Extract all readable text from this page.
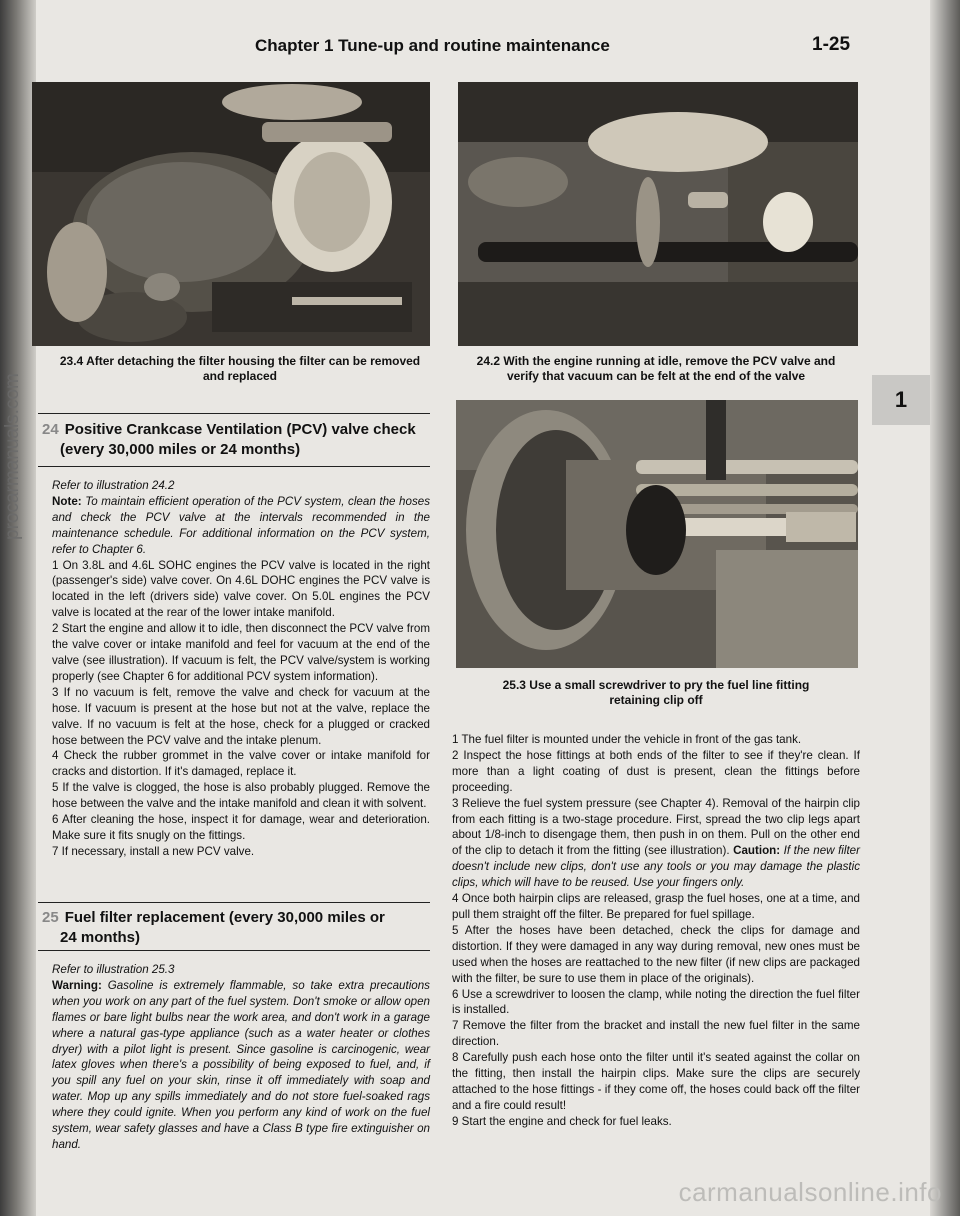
Chapter 1 Tune-up and routine maintenance	1-25
1
23.4 After detaching the filter housing the filter can be removed
and replaced
24.2 With the engine running at idle, remove the PCV valve and
verify that vacuum can be felt at the end of the valve
25.3 Use a small screwdriver to pry the fuel line fitting
retaining clip off
24 Positive Crankcase Ventilation (PCV) valve check
(every 30,000 miles or 24 months)

Refer to illustration 24.2

Note: To maintain efficient operation of the PCV system, clean the hoses and check the PCV valve at the intervals recommended in the maintenance schedule. For additional information on the PCV system, refer to Chapter 6.

1 On 3.8L and 4.6L SOHC engines the PCV valve is located in the right (passenger's side) valve cover. On 4.6L DOHC engines the PCV valve is located in the left (drivers side) valve cover. On 5.0L engines the PCV valve is located at the rear of the lower intake manifold.

2 Start the engine and allow it to idle, then disconnect the PCV valve from the valve cover or intake manifold and feel for vacuum at the end of the valve (see illustration). If vacuum is felt, the PCV valve/system is working properly (see Chapter 6 for additional PCV system information).

3 If no vacuum is felt, remove the valve and check for vacuum at the hose. If vacuum is present at the hose but not at the valve, replace the valve. If no vacuum is felt at the hose, check for a plugged or cracked hose between the PCV valve and the intake plenum.

4 Check the rubber grommet in the valve cover or intake manifold for cracks and distortion. If it's damaged, replace it.

5 If the valve is clogged, the hose is also probably plugged. Remove the hose between the valve and the intake manifold and clean it with solvent.

6 After cleaning the hose, inspect it for damage, wear and deterioration. Make sure it fits snugly on the fittings.

7 If necessary, install a new PCV valve.

25 Fuel filter replacement (every 30,000 miles or
24 months)

Refer to illustration 25.3

Warning: Gasoline is extremely flammable, so take extra precautions when you work on any part of the fuel system. Don't smoke or allow open flames or bare light bulbs near the work area, and don't work in a garage where a natural gas-type appliance (such as a water heater or clothes dryer) with a pilot light is present. Since gasoline is carcinogenic, wear latex gloves when there's a possibility of being exposed to fuel, and, if you spill any fuel on your skin, rinse it off immediately with soap and water. Mop up any spills immediately and do not store fuel-soaked rags where they could ignite. When you perform any kind of work on the fuel system, wear safety glasses and have a Class B type fire extinguisher on hand.

1 The fuel filter is mounted under the vehicle in front of the gas tank.

2 Inspect the hose fittings at both ends of the filter to see if they're clean. If more than a light coating of dust is present, clean the fittings before proceeding.

3 Relieve the fuel system pressure (see Chapter 4). Removal of the hairpin clip from each fitting is a two-stage procedure. First, spread the two clip legs apart about 1/8-inch to disengage them, then push in on them. Pull on the other end of the clip to detach it from the fitting (see illustration). Caution: If the new filter doesn't include new clips, don't use any tools or you may damage the plastic clips, which will have to be reused. Use your fingers only.

4 Once both hairpin clips are released, grasp the fuel hoses, one at a time, and pull them straight off the filter. Be prepared for fuel spillage.

5 After the hoses have been detached, check the clips for damage and distortion. If they were damaged in any way during removal, new ones must be used when the hoses are reattached to the new filter (if new clips are packaged with the filter, be sure to use them in place of the originals).

6 Use a screwdriver to loosen the clamp, while noting the direction the fuel filter is installed.

7 Remove the filter from the bracket and install the new fuel filter in the same direction.

8 Carefully push each hose onto the filter until it's seated against the collar on the fitting, then install the hairpin clips. Make sure the clips are securely attached to the hose fittings - if they come off, the hoses could back off the filter and a fire could result!

9 Start the engine and check for fuel leaks.

procarmanuals.com
carmanualsonline.info
